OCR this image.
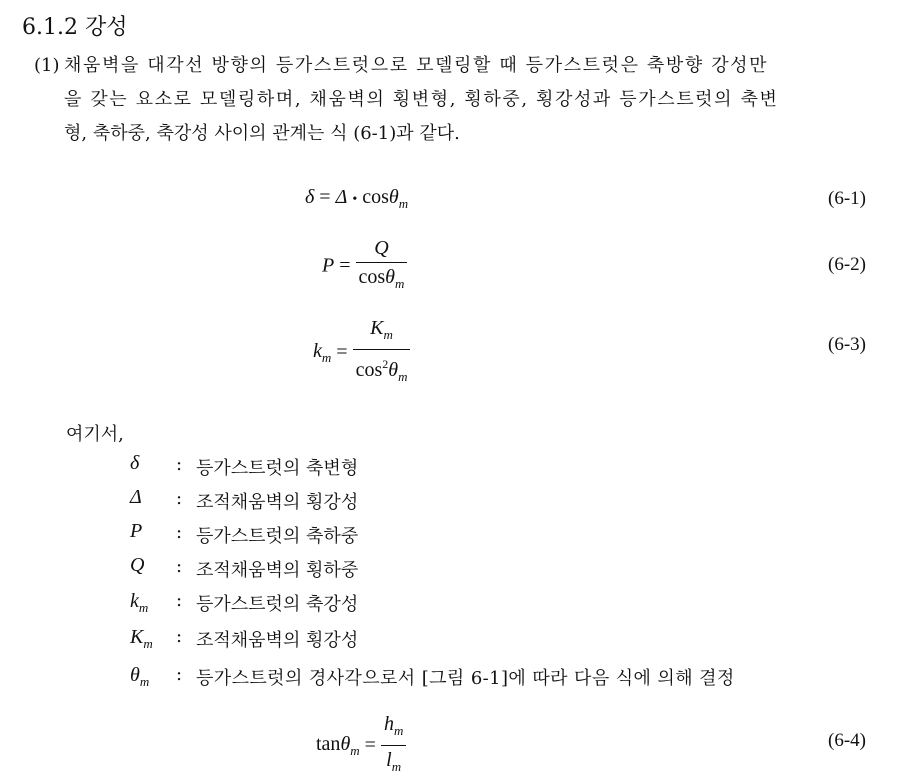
6.1.2 강성
(1) 채움벽을 대각선 방향의 등가스트럿으로 모델링할 때 등가스트럿은 축방향 강성만
을 갖는 요소로 모델링하며, 채움벽의 횡변형, 횡하중, 횡강성과 등가스트럿의 축변
형, 축하중, 축강성 사이의 관계는 식 (6-1)과 같다.
δ = Δ • cosθ$_m$	(6-1)
$P = \frac{Q}{\cos\theta_m}$	(6-2)
$k_m = \frac{K_m}{\cos^2\theta_m}$	(6-3)
여기서,
δ	: 등가스트럿의 축변형
Δ	: 조적채움벽의 횡강성
P	: 등가스트럿의 축하중
Q	: 조적채움벽의 횡하중
$k_m$	: 등가스트럿의 축강성
$K_m$	: 조적채움벽의 횡강성
$\theta_m$	: 등가스트럿의 경사각으로서 [그림 6-1]에 따라 다음 식에 의해 결정
$\tan\theta_m = \frac{h_m}{l_m}$	(6-4)
